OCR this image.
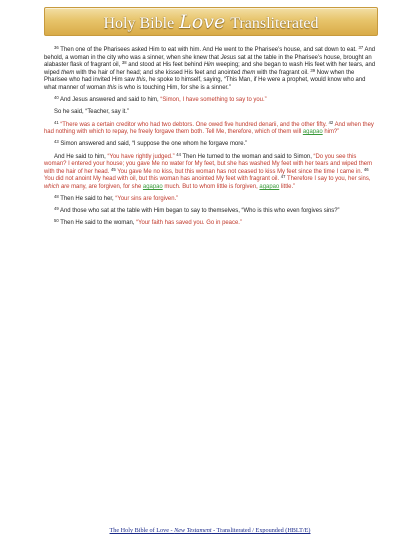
Holy Bible Love Transliterated

$^{36}$ Then one of the Pharisees asked Him to eat with him. And He went to the Pharisee’s house, and sat down to eat. $^{37}$ And behold, a woman in the city who was a sinner, when she knew that Jesus sat at the table in the Pharisee’s house, brought an alabaster flask of fragrant oil, $^{38}$ and stood at His feet behind Him weeping; and she began to wash His feet with her tears, and wiped them with the hair of her head; and she kissed His feet and anointed them with the fragrant oil. $^{39}$ Now when the Pharisee who had invited Him saw this, he spoke to himself, saying, “This Man, if He were a prophet, would know who and what manner of woman this is who is touching Him, for she is a sinner.”

$^{40}$ And Jesus answered and said to him, “Simon, I have something to say to you.”

So he said, “Teacher, say it.”

$^{41}$ “There was a certain creditor who had two debtors. One owed five hundred denarii, and the other fifty. $^{42}$ And when they had nothing with which to repay, he freely forgave them both. Tell Me, therefore, which of them will agapao him?”

$^{43}$ Simon answered and said, “I suppose the one whom he forgave more.”

And He said to him, “You have rightly judged.” $^{44}$ Then He turned to the woman and said to Simon, “Do you see this woman? I entered your house; you gave Me no water for My feet, but she has washed My feet with her tears and wiped them with the hair of her head. $^{45}$ You gave Me no kiss, but this woman has not ceased to kiss My feet since the time I came in. $^{46}$ You did not anoint My head with oil, but this woman has anointed My feet with fragrant oil. $^{47}$ Therefore I say to you, her sins, which are many, are forgiven, for she agapao much. But to whom little is forgiven, agapao little.”

$^{48}$ Then He said to her, “Your sins are forgiven.”

$^{49}$ And those who sat at the table with Him began to say to themselves, “Who is this who even forgives sins?”

$^{50}$ Then He said to the woman, “Your faith has saved you. Go in peace.”

The Holy Bible of Love - New Testament - Transliterated / Expounded (HBLT/E)
